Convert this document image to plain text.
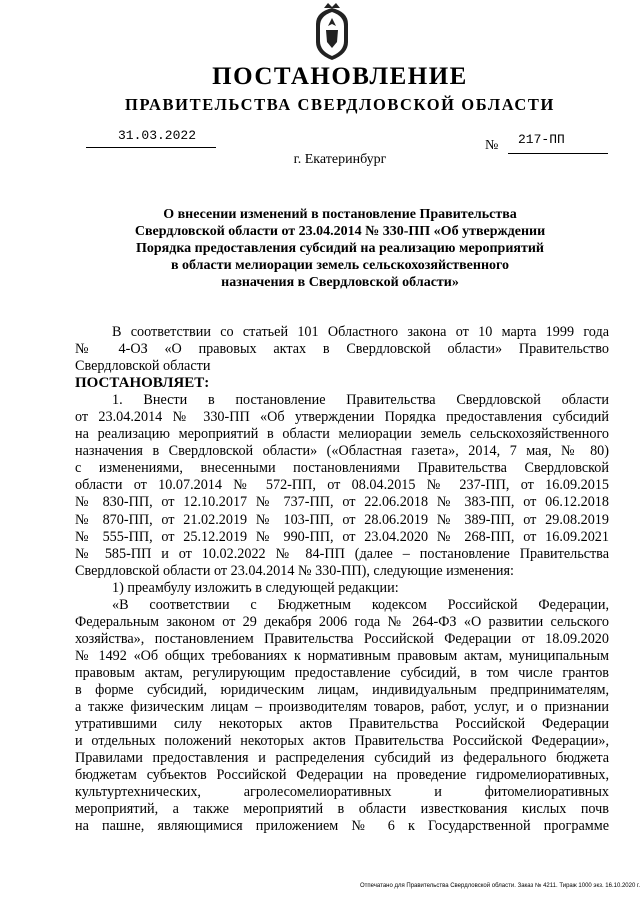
ПОСТАНОВЛЕНИЕ
ПРАВИТЕЛЬСТВА СВЕРДЛОВСКОЙ ОБЛАСТИ
31.03.2022
№ 217-ПП
г. Екатеринбург
О внесении изменений в постановление Правительства
Свердловской области от 23.04.2014 № 330-ПП «Об утверждении
Порядка предоставления субсидий на реализацию мероприятий
в области мелиорации земель сельскохозяйственного
назначения в Свердловской области»
В соответствии со статьей 101 Областного закона от 10 марта 1999 года
№ 4-ОЗ «О правовых актах в Свердловской области» Правительство
Свердловской области
ПОСТАНОВЛЯЕТ:
1. Внести в постановление Правительства Свердловской области
от 23.04.2014 № 330-ПП «Об утверждении Порядка предоставления субсидий
на реализацию мероприятий в области мелиорации земель сельскохозяйственного
назначения в Свердловской области» («Областная газета», 2014, 7 мая, № 80)
с изменениями, внесенными постановлениями Правительства Свердловской
области от 10.07.2014 № 572-ПП, от 08.04.2015 № 237-ПП, от 16.09.2015
№ 830-ПП, от 12.10.2017 № 737-ПП, от 22.06.2018 № 383-ПП, от 06.12.2018
№ 870-ПП, от 21.02.2019 № 103-ПП, от 28.06.2019 № 389-ПП, от 29.08.2019
№ 555-ПП, от 25.12.2019 № 990-ПП, от 23.04.2020 № 268-ПП, от 16.09.2021
№ 585-ПП и от 10.02.2022 № 84-ПП (далее – постановление Правительства
Свердловской области от 23.04.2014 № 330-ПП), следующие изменения:
1) преамбулу изложить в следующей редакции:
«В соответствии с Бюджетным кодексом Российской Федерации,
Федеральным законом от 29 декабря 2006 года № 264-ФЗ «О развитии сельского
хозяйства», постановлением Правительства Российской Федерации от 18.09.2020
№ 1492 «Об общих требованиях к нормативным правовым актам, муниципальным
правовым актам, регулирующим предоставление субсидий, в том числе грантов
в форме субсидий, юридическим лицам, индивидуальным предпринимателям,
а также физическим лицам – производителям товаров, работ, услуг, и о признании
утратившими силу некоторых актов Правительства Российской Федерации
и отдельных положений некоторых актов Правительства Российской Федерации»,
Правилами предоставления и распределения субсидий из федерального бюджета
бюджетам субъектов Российской Федерации на проведение гидромелиоративных,
культуртехнических, агролесомелиоративных и фитомелиоративных
мероприятий, а также мероприятий в области известкования кислых почв
на пашне, являющимися приложением № 6 к Государственной программе
Отпечатано для Правительства Свердловской области. Заказ № 4211. Тираж 1000 экз. 16.10.2020 г.
